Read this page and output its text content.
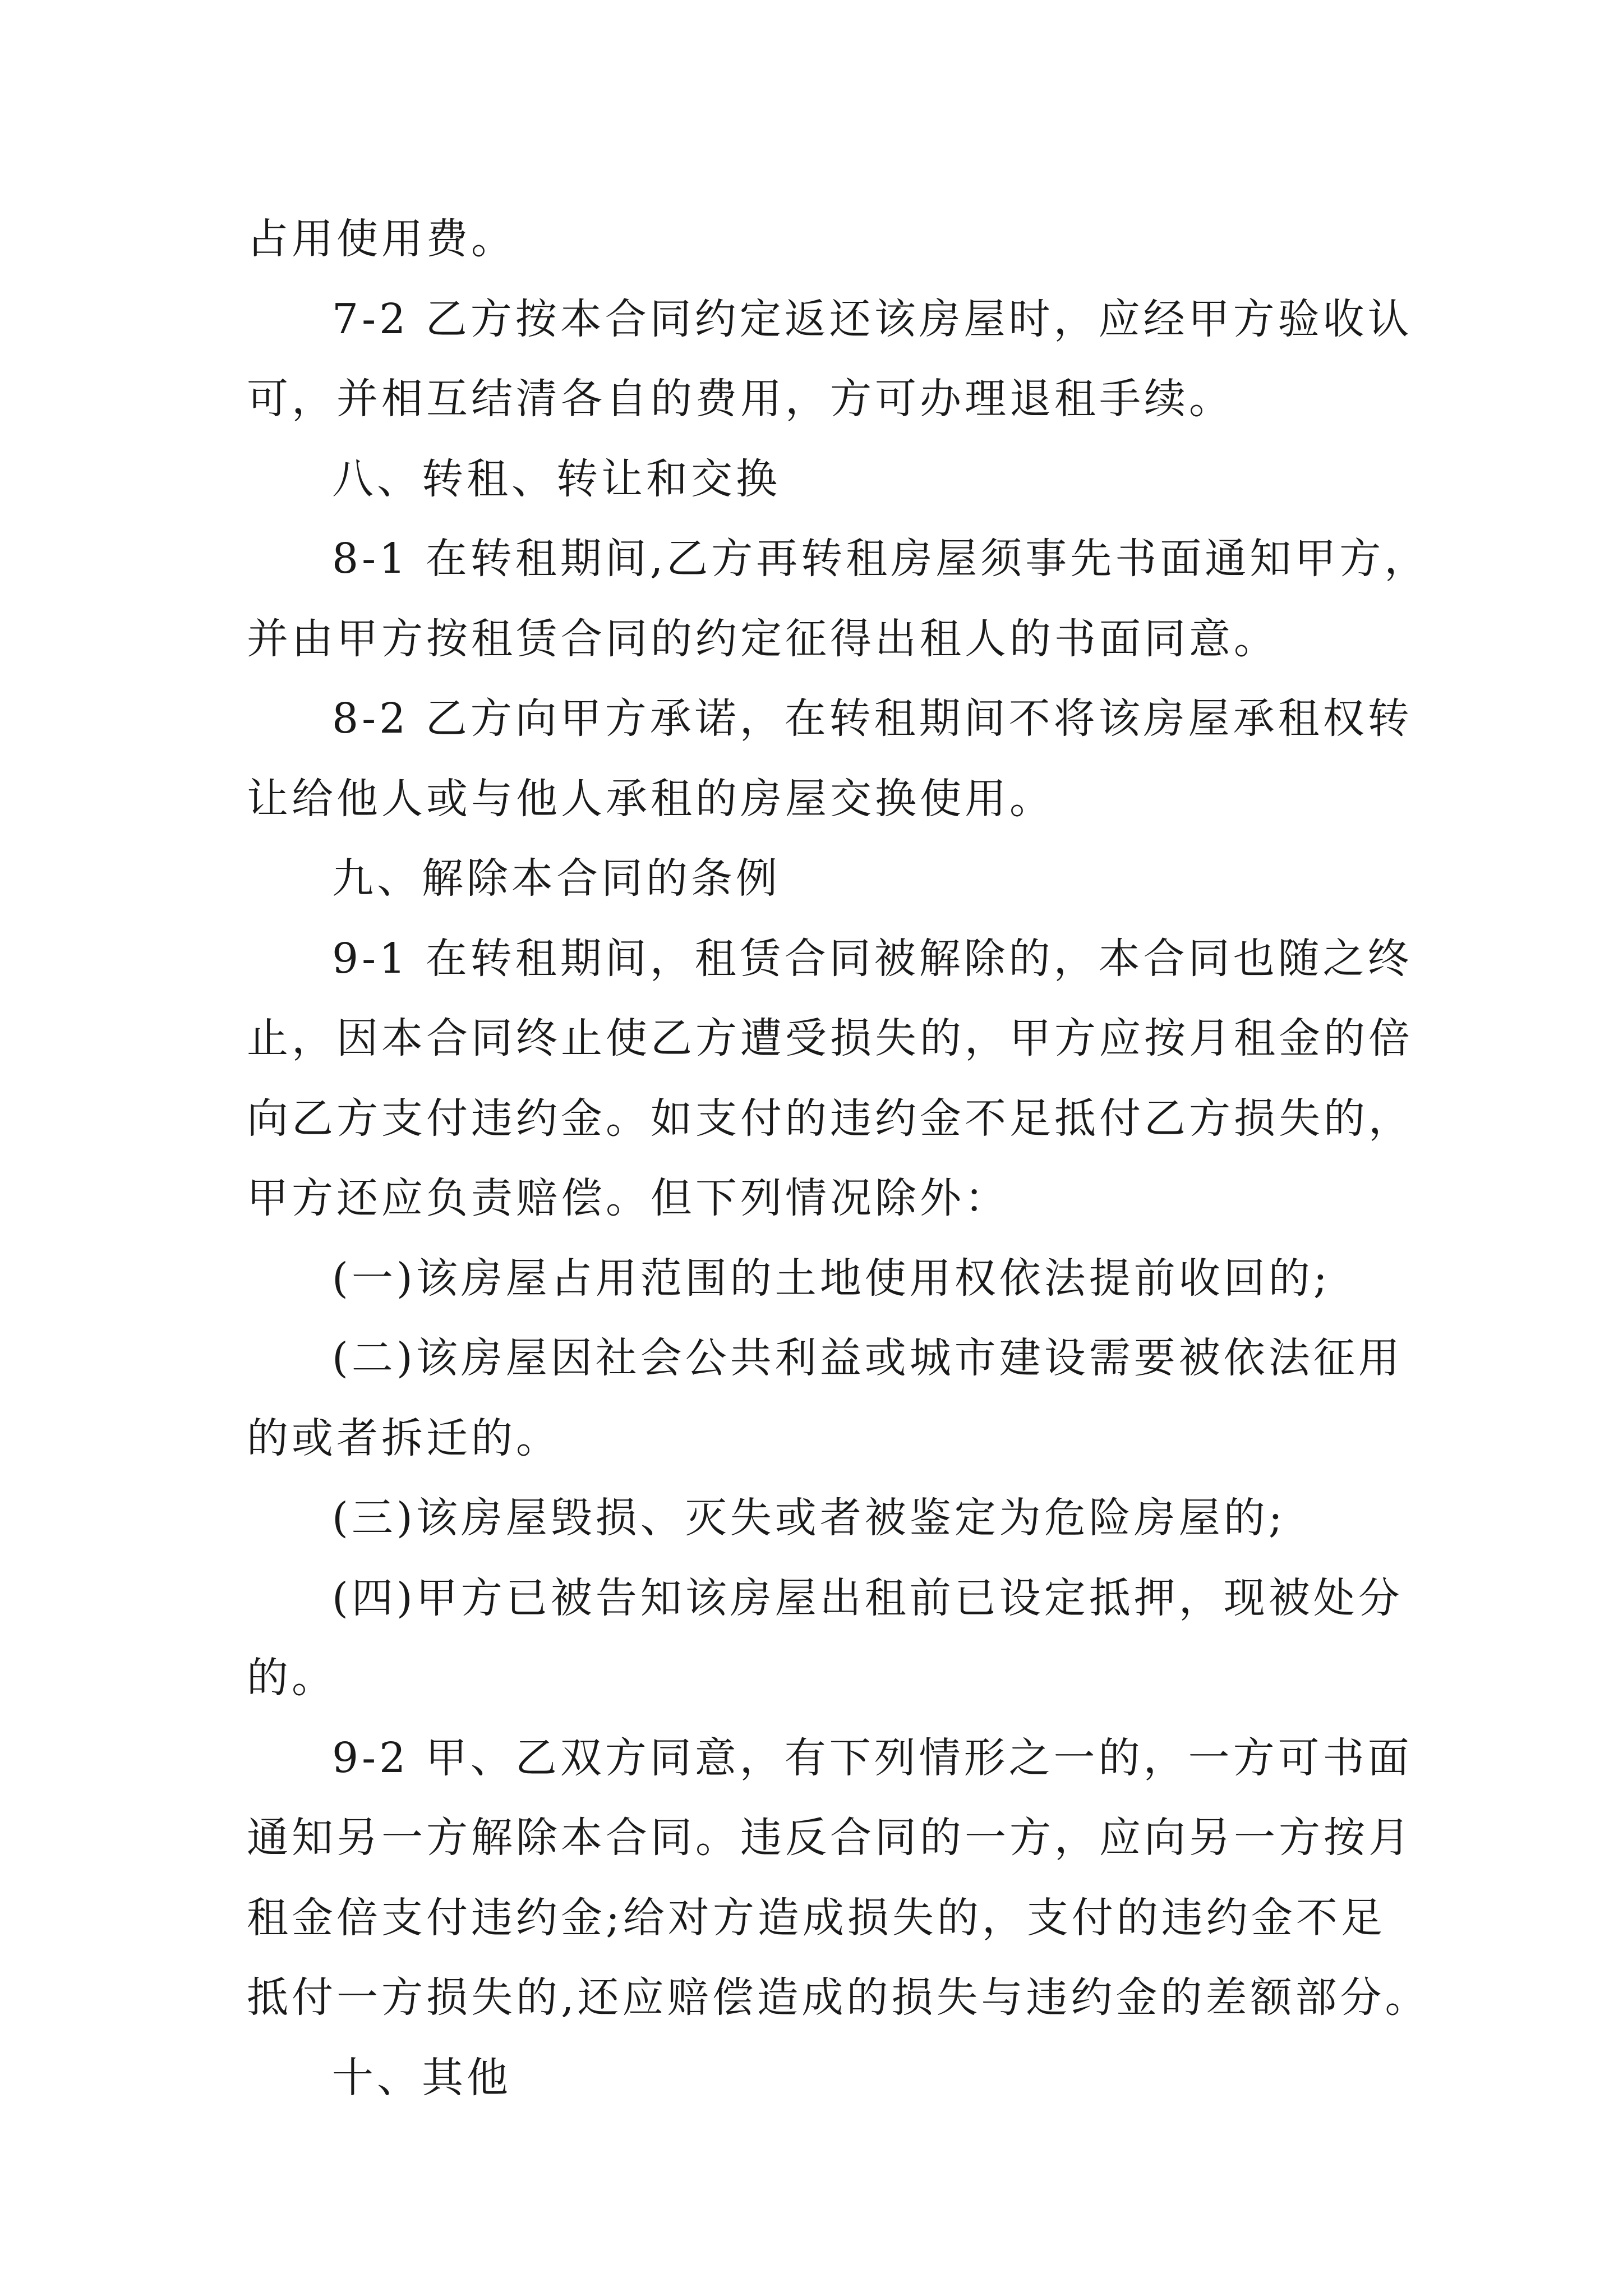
占用使用费。
7-2 乙方按本合同约定返还该房屋时，应经甲方验收认
可，并相互结清各自的费用，方可办理退租手续。
八、转租、转让和交换
8-1 在转租期间,乙方再转租房屋须事先书面通知甲方，
并由甲方按租赁合同的约定征得出租人的书面同意。
8-2 乙方向甲方承诺，在转租期间不将该房屋承租权转
让给他人或与他人承租的房屋交换使用。
九、解除本合同的条例
9-1 在转租期间，租赁合同被解除的，本合同也随之终
止，因本合同终止使乙方遭受损失的，甲方应按月租金的倍
向乙方支付违约金。如支付的违约金不足抵付乙方损失的，
甲方还应负责赔偿。但下列情况除外：
(一)该房屋占用范围的土地使用权依法提前收回的;
(二)该房屋因社会公共利益或城市建设需要被依法征用
的或者拆迁的。
(三)该房屋毁损、灭失或者被鉴定为危险房屋的;
(四)甲方已被告知该房屋出租前已设定抵押，现被处分
的。
9-2 甲、乙双方同意，有下列情形之一的，一方可书面
通知另一方解除本合同。违反合同的一方，应向另一方按月
租金倍支付违约金;给对方造成损失的，支付的违约金不足
抵付一方损失的,还应赔偿造成的损失与违约金的差额部分。
十、其他
